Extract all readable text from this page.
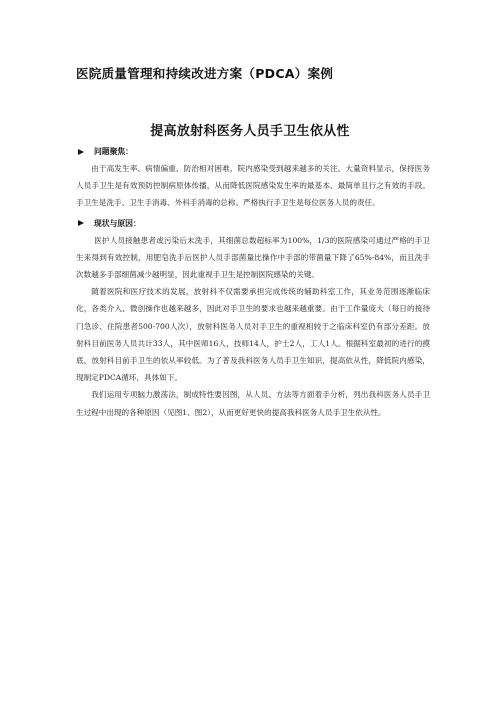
医院质量管理和持续改进方案（PDCA）案例
提高放射科医务人员手卫生依从性
问题聚焦：

由于高发生率、病情偏重、防治相对困难，院内感染受到越来越多的关注。大量资料显示，保持医务人员手卫生是有效预防控制病原体传播，从而降低医院感染发生率的最基本、最简单且行之有效的手段。手卫生是洗手、卫生手消毒、外科手消毒的总称。严格执行手卫生是每位医务人员的责任。

现状与原因：

医护人员接触患者或污染后未洗手，其细菌总数超标率为100%，1/3的医院感染可通过严格的手卫生来得到有效控制，用肥皂洗手后医护人员手部菌量比操作中手部的带菌量下降了65%-84%，而且洗手次数越多手部细菌减少越明显，因此重视手卫生是控制医院感染的关键。

随着医院和医疗技术的发展，放射科不仅需要承担完成传统的辅助科室工作，其业务范围逐渐临床化，各类介入、微创操作也越来越多，因此对手卫生的要求也越来越重要。由于工作量庞大（每日的接待门急诊、住院患者500-700人次），放射科医务人员对手卫生的重视相较于之临床科室仍有部分差距。放射科目前医务人员共计33人，其中医师16人，技师14人，护士2人，工人1人。根据科室最初的进行的摸底，放射科目前手卫生的依从率较低。为了普及我科医务人员手卫生知识，提高依从性，降低院内感染，现制定PDCA循环，具体如下。

我们运用专项脑力激荡法，制成特性要因图，从人员、方法等方面着手分析，列出我科医务人员手卫生过程中出现的各种原因（见图1、图2），从而更好更快的提高我科医务人员手卫生依从性。
